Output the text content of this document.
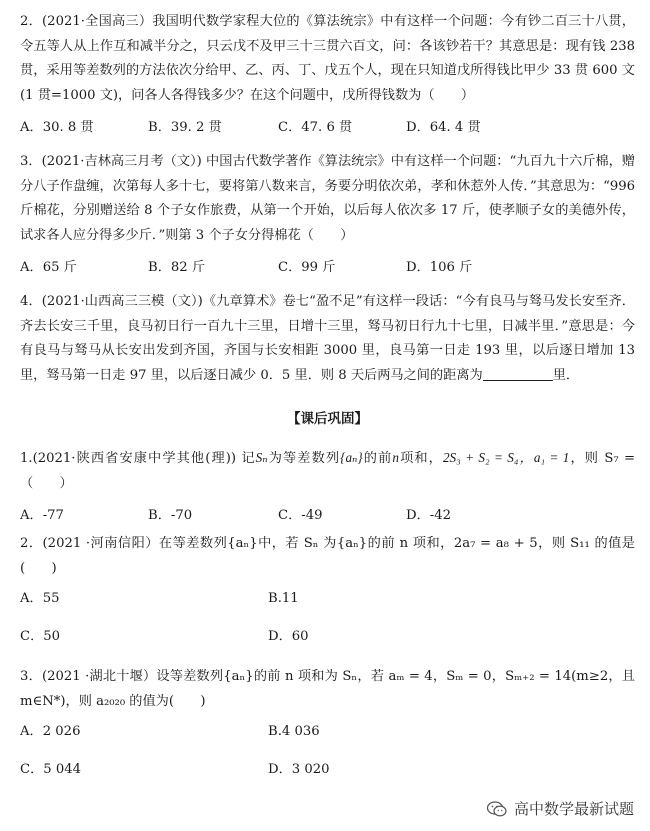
2．(2021·全国高三）我国明代数学家程大位的《算法统宗》中有这样一个问题：今有钞二百三十八贯，令五等人从上作互和减半分之，只云戊不及甲三十三贯六百文，问：各该钞若干？其意思是：现有钱 238 贯，采用等差数列的方法依次分给甲、乙、丙、丁、戊五个人，现在只知道戊所得钱比甲少 33 贯 600 文(1 贯=1000 文)，问各人各得钱多少？在这个问题中，戊所得钱数为（　　）

A．30. 8 贯	B．39. 2 贯	C．47. 6 贯	D．64. 4 贯

3．(2021·吉林高三月考（文）) 中国古代数学著作《算法统宗》中有这样一个问题：“九百九十六斤棉，赠分八子作盘缠，次第每人多十七，要将第八数来言，务要分明依次弟，孝和休惹外人传．”其意思为：“996 斤棉花，分别赠送给 8 个子女作旅费，从第一个开始，以后每人依次多 17 斤，使孝顺子女的美德外传，试求各人应分得多少斤．”则第 3 个子女分得棉花（　　）

A．65 斤	B．82 斤	C．99 斤	D．106 斤

4．(2021·山西高三三模（文）)《九章算术》卷七“盈不足”有这样一段话：“今有良马与驽马发长安至齐．齐去长安三千里，良马初日行一百九十三里，日增十三里，驽马初日行九十七里，日减半里．”意思是：今有良马与驽马从长安出发到齐国，齐国与长安相距 3000 里，良马第一日走 193 里，以后逐日增加 13 里，驽马第一日走 97 里，以后逐日减少 0．5 里．则 8 天后两马之间的距离为	里．

【课后巩固】

1.(2021·陕西省安康中学其他(理)) 记Sₙ为等差数列{aₙ}的前n项和，2S₃ + S₂ = S₄，a₁ = 1，则 S₇ =（　　）

A．-77	B．-70	C．-49	D．-42

2．(2021 ·河南信阳）在等差数列{aₙ}中，若 Sₙ 为{aₙ}的前 n 项和，2a₇ = a₈ + 5，则 S₁₁ 的值是(　　)

A．55	B.11
C．50	D．60

3．(2021 ·湖北十堰）设等差数列{aₙ}的前 n 项和为 Sₙ，若 aₘ = 4，Sₘ = 0，Sₘ₊₂ = 14(m≥2，且 m∈N*)，则 a₂₀₂₀ 的值为(　　)

A．2 026	B.4 036
C．5 044	D．3 020
高中数学最新试题
